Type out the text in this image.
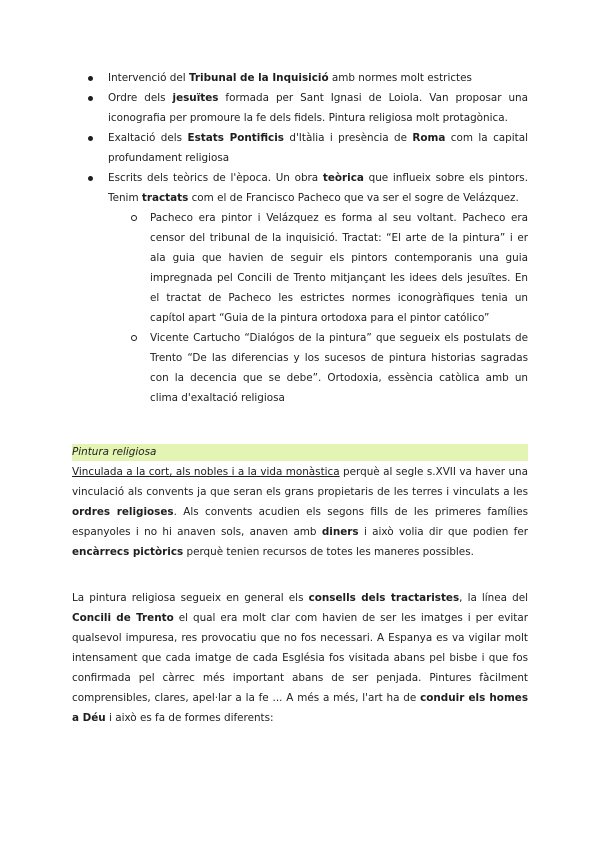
Intervenció del Tribunal de la Inquisició amb normes molt estrictes
Ordre dels jesuïtes formada per Sant Ignasi de Loiola. Van proposar una iconografia per promoure la fe dels fidels. Pintura religiosa molt protagònica.
Exaltació dels Estats Pontificis d'Itàlia i presència de Roma com la capital profundament religiosa
Escrits dels teòrics de l'època. Un obra teòrica que influeix sobre els pintors. Tenim tractats com el de Francisco Pacheco que va ser el sogre de Velázquez.
Pacheco era pintor i Velázquez es forma al seu voltant. Pacheco era censor del tribunal de la inquisició. Tractat: “El arte de la pintura” i er ala guia que havien de seguir els pintors contemporanis una guia impregnada pel Concili de Trento mitjançant les idees dels jesuïtes. En el tractat de Pacheco les estrictes normes iconogràfiques tenia un capítol apart “Guia de la pintura ortodoxa para el pintor católico”
Vicente Cartucho “Dialógos de la pintura” que segueix els postulats de Trento “De las diferencias y los sucesos de pintura historias sagradas con la decencia que se debe”. Ortodoxia, essència catòlica amb un clima d'exaltació religiosa
Pintura religiosa
Vinculada a la cort, als nobles i a la vida monàstica perquè al segle s.XVII va haver una vinculació als convents ja que seran els grans propietaris de les terres i vinculats a les ordres religioses. Als convents acudien els segons fills de les primeres famílies espanyoles i no hi anaven sols, anaven amb diners i això volia dir que podien fer encàrrecs pictòrics perquè tenien recursos de totes les maneres possibles.
La pintura religiosa segueix en general els consells dels tractaristes, la línea del Concili de Trento el qual era molt clar com havien de ser les imatges i per evitar qualsevol impuresa, res provocatiu que no fos necessari. A Espanya es va vigilar molt intensament que cada imatge de cada Església fos visitada abans pel bisbe i que fos confirmada pel càrrec més important abans de ser penjada. Pintures fàcilment comprensibles, clares, apel·lar a la fe ... A més a més, l'art ha de conduir els homes a Déu i això es fa de formes diferents:
